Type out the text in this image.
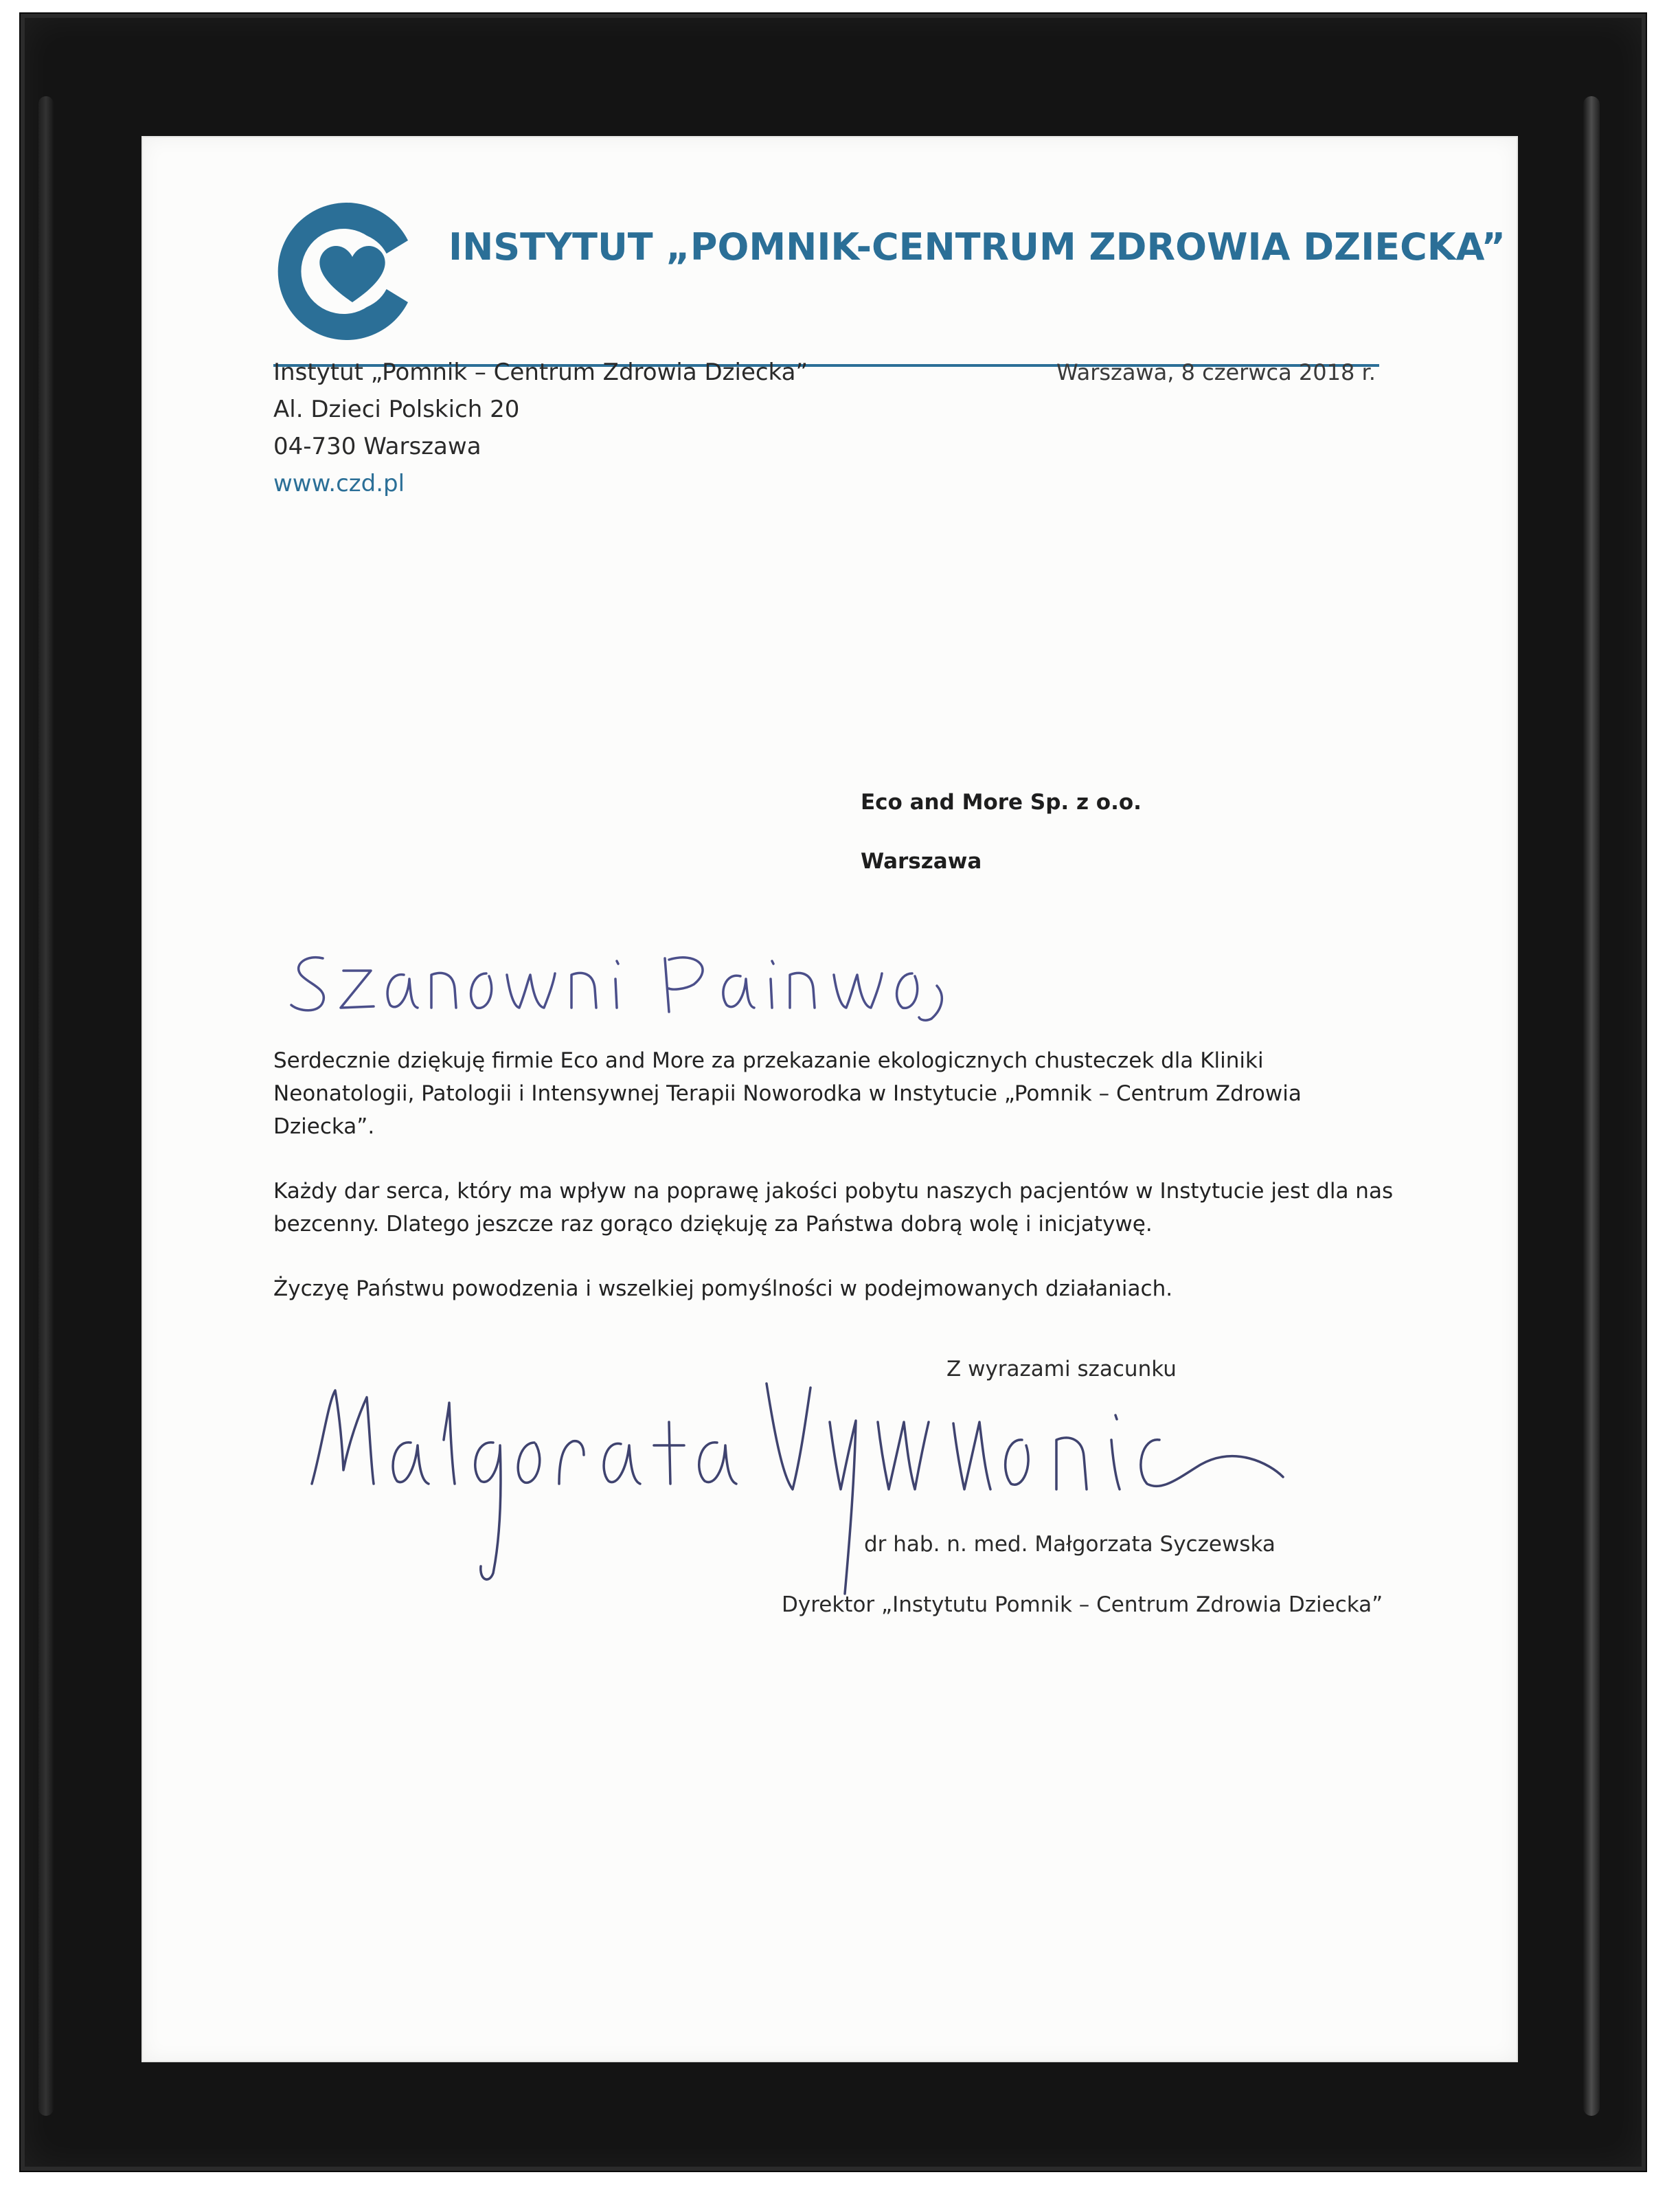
INSTYTUT „POMNIK-CENTRUM ZDROWIA DZIECKA”
Instytut „Pomnik – Centrum Zdrowia Dziecka”
Al. Dzieci Polskich 20
04-730 Warszawa
www.czd.pl
Warszawa, 8 czerwca 2018 r.
Eco and More Sp. z o.o.
Warszawa

Serdecznie dziękuję firmie Eco and More za przekazanie ekologicznych chusteczek dla Kliniki Neonatologii, Patologii i Intensywnej Terapii Noworodka w Instytucie „Pomnik – Centrum Zdrowia Dziecka”.

Każdy dar serca, który ma wpływ na poprawę jakości pobytu naszych pacjentów w Instytucie jest dla nas bezcenny. Dlatego jeszcze raz gorąco dziękuję za Państwa dobrą wolę i inicjatywę.

Życzyę Państwu powodzenia i wszelkiej pomyślności w podejmowanych działaniach.

Z wyrazami szacunku
dr hab. n. med. Małgorzata Syczewska
Dyrektor „Instytutu Pomnik – Centrum Zdrowia Dziecka”
